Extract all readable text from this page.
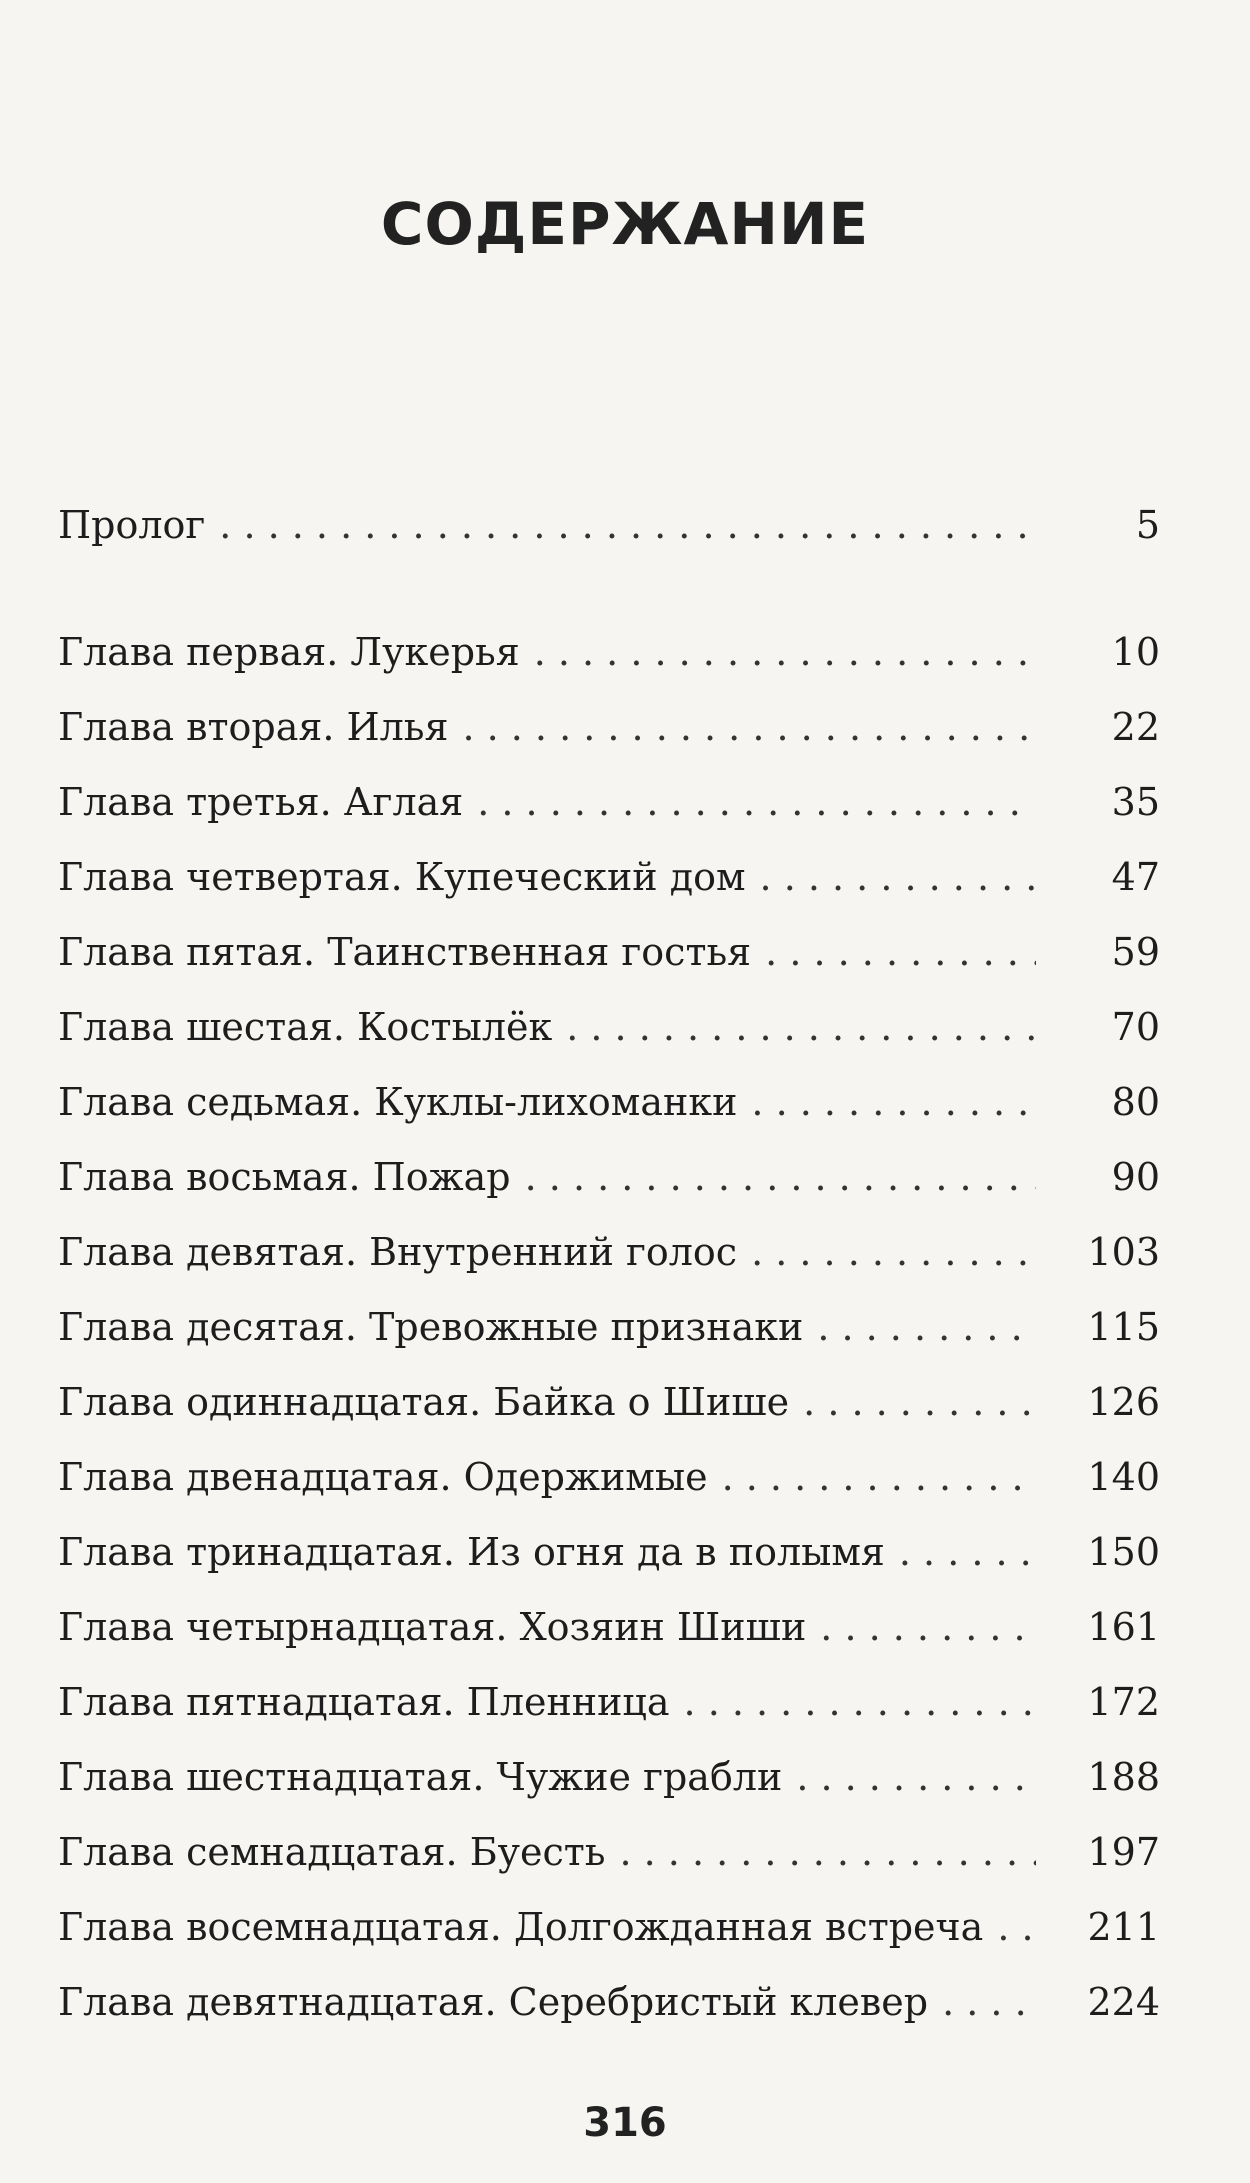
СОДЕРЖАНИЕ
Пролог . . .	5
Глава первая. Лукерья . . .	10
Глава вторая. Илья . . .	22
Глава третья. Аглая . . .	35
Глава четвертая. Купеческий дом . . .	47
Глава пятая. Таинственная гостья . . .	59
Глава шестая. Костылёк . . .	70
Глава седьмая. Куклы-лихоманки . . .	80
Глава восьмая. Пожар . . .	90
Глава девятая. Внутренний голос . . .	103
Глава десятая. Тревожные признаки . . .	115
Глава одиннадцатая. Байка о Шише . . .	126
Глава двенадцатая. Одержимые . . .	140
Глава тринадцатая. Из огня да в полымя . . .	150
Глава четырнадцатая. Хозяин Шиши . . .	161
Глава пятнадцатая. Пленница . . .	172
Глава шестнадцатая. Чужие грабли . . .	188
Глава семнадцатая. Буесть . . .	197
Глава восемнадцатая. Долгожданная встреча . . .	211
Глава девятнадцатая. Серебристый клевер . . .	224
316
